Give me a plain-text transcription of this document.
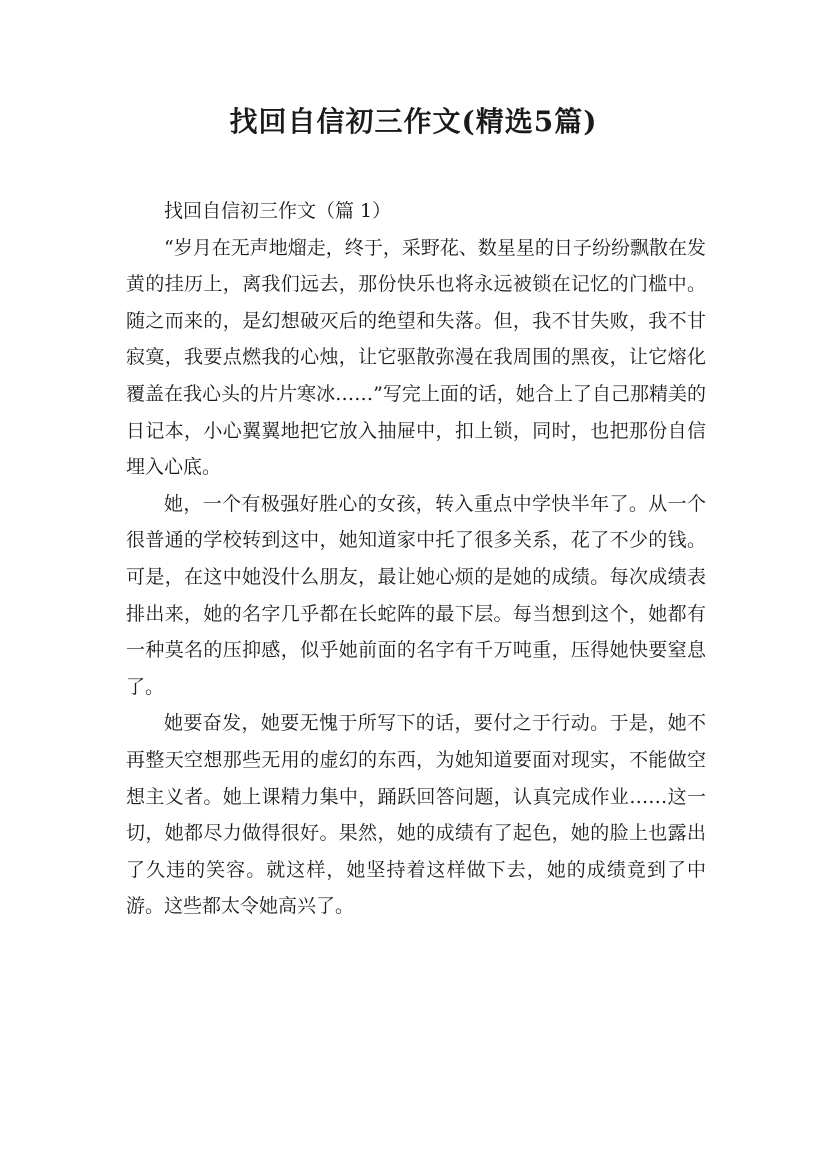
找回自信初三作文(精选5篇)

找回自信初三作文（篇 1）

“岁月在无声地熘走，终于，采野花、数星星的日子纷纷飘散在发黄的挂历上，离我们远去，那份快乐也将永远被锁在记忆的门槛中。随之而来的，是幻想破灭后的绝望和失落。但，我不甘失败，我不甘寂寞，我要点燃我的心烛，让它驱散弥漫在我周围的黑夜，让它熔化覆盖在我心头的片片寒冰……”写完上面的话，她合上了自己那精美的日记本，小心翼翼地把它放入抽屉中，扣上锁，同时，也把那份自信埋入心底。

她，一个有极强好胜心的女孩，转入重点中学快半年了。从一个很普通的学校转到这中，她知道家中托了很多关系，花了不少的钱。可是，在这中她没什么朋友，最让她心烦的是她的成绩。每次成绩表排出来，她的名字几乎都在长蛇阵的最下层。每当想到这个，她都有一种莫名的压抑感，似乎她前面的名字有千万吨重，压得她快要窒息了。

她要奋发，她要无愧于所写下的话，要付之于行动。于是，她不再整天空想那些无用的虚幻的东西，为她知道要面对现实，不能做空想主义者。她上课精力集中，踊跃回答问题，认真完成作业……这一切，她都尽力做得很好。果然，她的成绩有了起色，她的脸上也露出了久违的笑容。就这样，她坚持着这样做下去，她的成绩竟到了中游。这些都太令她高兴了。
